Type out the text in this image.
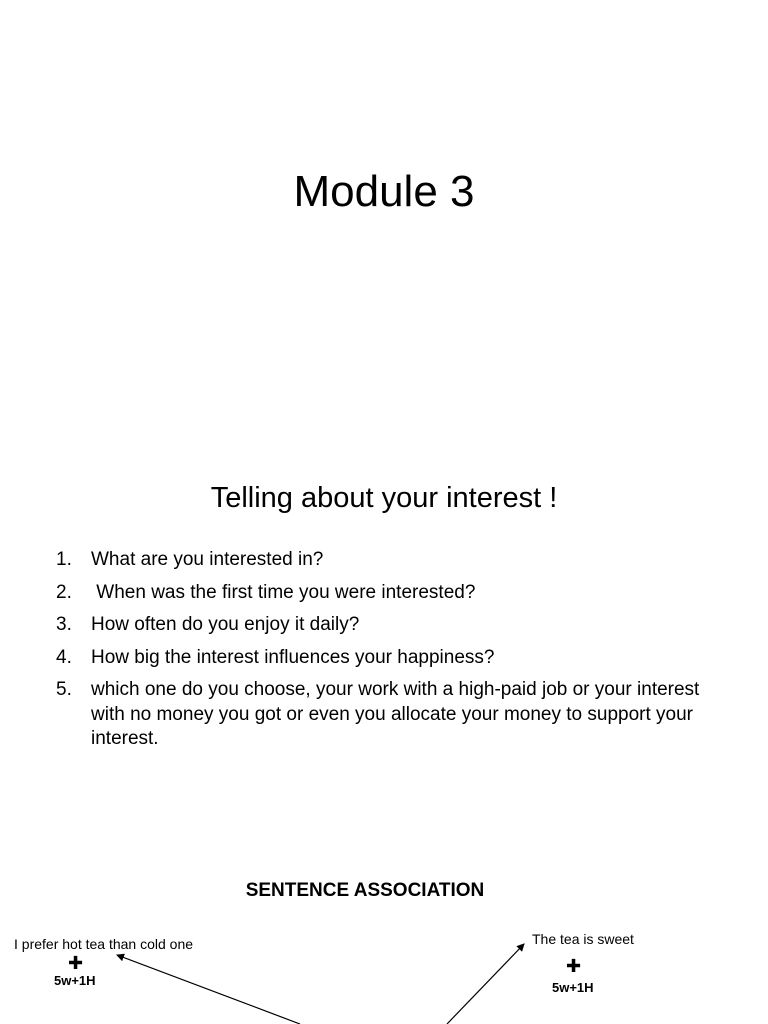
Module 3
Telling about your interest !
1.	What are you interested in?
2.	When was the first time you were interested?
3.	How often do you enjoy it daily?
4.	How big the interest influences your happiness?
5.	which one do you choose, your work with a high-paid job or your interest with no money you got or even you allocate your money to support your interest.
SENTENCE ASSOCIATION
I prefer hot tea than cold one
✚
5w+1H
The tea is sweet
✚
5w+1H
